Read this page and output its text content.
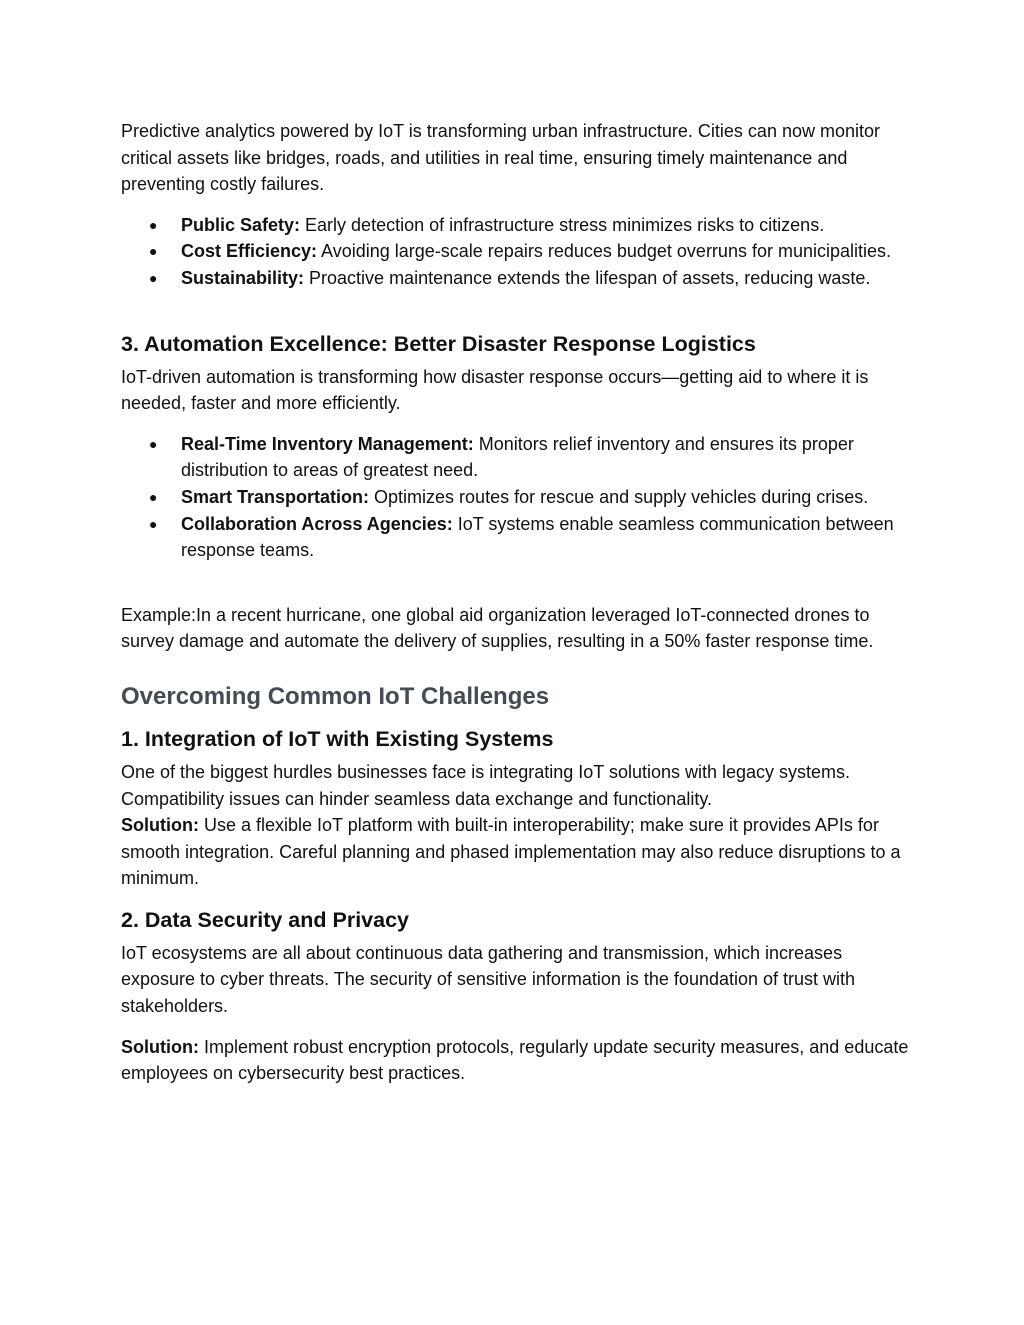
Predictive analytics powered by IoT is transforming urban infrastructure. Cities can now monitor critical assets like bridges, roads, and utilities in real time, ensuring timely maintenance and preventing costly failures.

● Public Safety: Early detection of infrastructure stress minimizes risks to citizens.
● Cost Efficiency: Avoiding large-scale repairs reduces budget overruns for municipalities.
● Sustainability: Proactive maintenance extends the lifespan of assets, reducing waste.
3. Automation Excellence: Better Disaster Response Logistics

IoT-driven automation is transforming how disaster response occurs—getting aid to where it is needed, faster and more efficiently.

● Real-Time Inventory Management: Monitors relief inventory and ensures its proper distribution to areas of greatest need.
● Smart Transportation: Optimizes routes for rescue and supply vehicles during crises.
● Collaboration Across Agencies: IoT systems enable seamless communication between response teams.

Example:In a recent hurricane, one global aid organization leveraged IoT-connected drones to survey damage and automate the delivery of supplies, resulting in a 50% faster response time.

Overcoming Common IoT Challenges
1. Integration of IoT with Existing Systems

One of the biggest hurdles businesses face is integrating IoT solutions with legacy systems. Compatibility issues can hinder seamless data exchange and functionality.
Solution: Use a flexible IoT platform with built-in interoperability; make sure it provides APIs for smooth integration. Careful planning and phased implementation may also reduce disruptions to a minimum.

2. Data Security and Privacy

IoT ecosystems are all about continuous data gathering and transmission, which increases exposure to cyber threats. The security of sensitive information is the foundation of trust with stakeholders.

Solution: Implement robust encryption protocols, regularly update security measures, and educate employees on cybersecurity best practices.
